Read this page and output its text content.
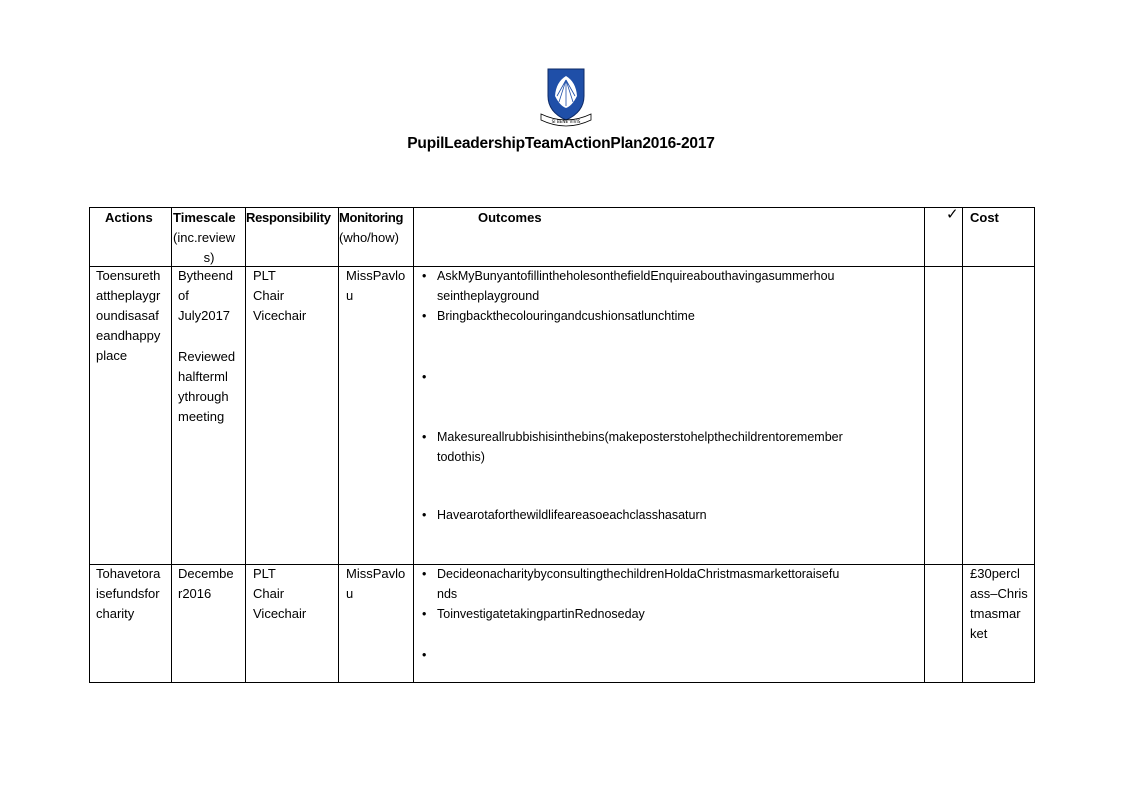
SI BENE VIVIS
PupilLeadershipTeamActionPlan2016-2017
Actions Timescale
(inc.review
s)
Responsibility Monitoring
(who/how)
Outcomes	✓ Cost
Toensureth
attheplaygr
oundisasaf
eandhappy
place
Bytheend
of
July2017
Reviewed
halfterml
ythrough
meeting
PLT
Chair
Vicechair
MissPavlo
u
• AskMyBunyantofillintheholesonthefieldEnquireabouthavingasummerhou
seintheplayground
• Bringbackthecolouringandcushionsatlunchtime
•
• Makesureallrubbishisinthebins(makeposterstohelpthechildrentoremember
todothis)
• Havearotaforthewildlifeareasoeachclasshasaturn
Tohavetora
isefundsfor
charity
Decembe
r2016
PLT
Chair
Vicechair
MissPavlo
u
• DecideonacharitybyconsultingthechildrenHoldaChristmasmarkettoraisefu
nds
• ToinvestigatetakingpartinRednoseday
•
£30percl
ass–Chris
tmasmar
ket
